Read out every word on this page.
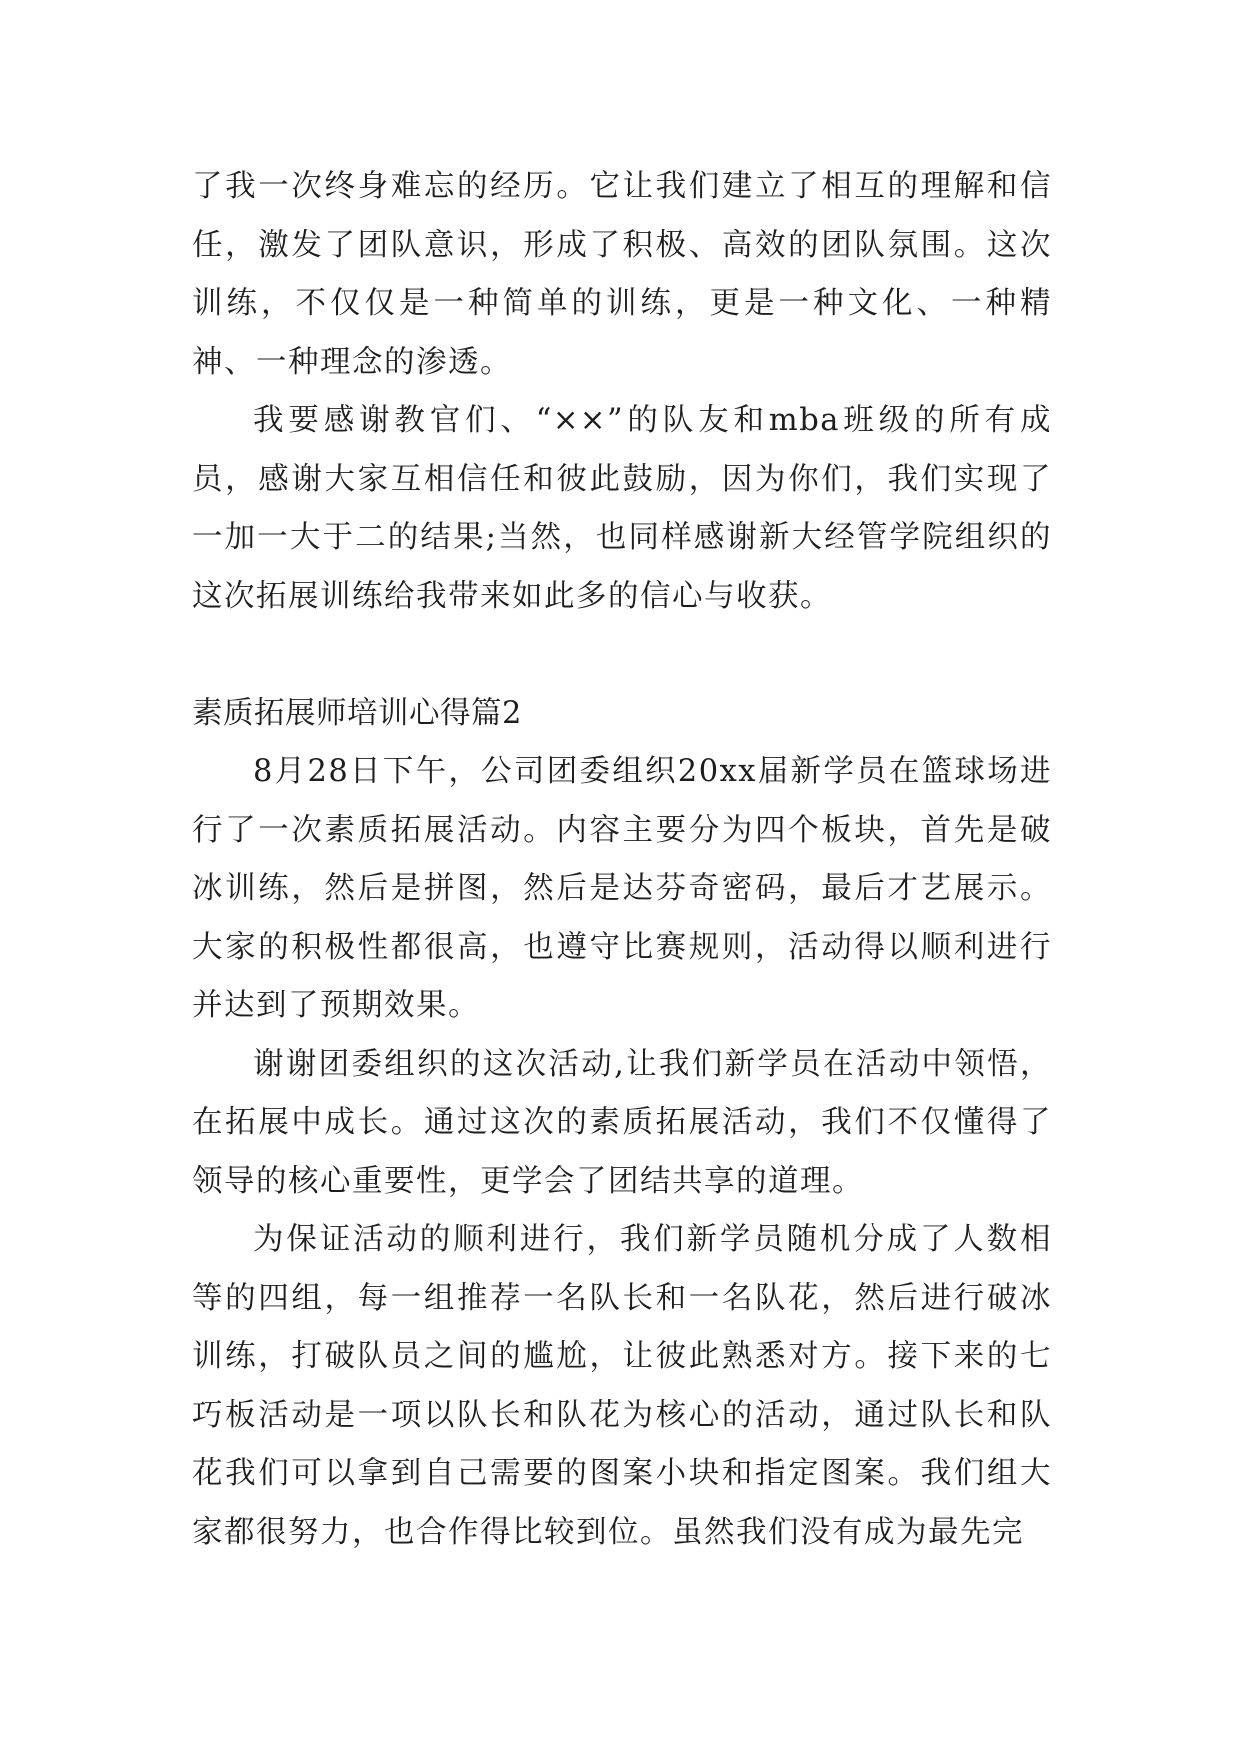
了我一次终身难忘的经历。它让我们建立了相互的理解和信任，激发了团队意识，形成了积极、高效的团队氛围。这次训练，不仅仅是一种简单的训练，更是一种文化、一种精神、一种理念的渗透。

我要感谢教官们、“××”的队友和mba班级的所有成员，感谢大家互相信任和彼此鼓励，因为你们，我们实现了一加一大于二的结果;当然，也同样感谢新大经管学院组织的这次拓展训练给我带来如此多的信心与收获。

素质拓展师培训心得篇2

8月28日下午，公司团委组织20xx届新学员在篮球场进行了一次素质拓展活动。内容主要分为四个板块，首先是破冰训练，然后是拼图，然后是达芬奇密码，最后才艺展示。大家的积极性都很高，也遵守比赛规则，活动得以顺利进行并达到了预期效果。

谢谢团委组织的这次活动,让我们新学员在活动中领悟，在拓展中成长。通过这次的素质拓展活动，我们不仅懂得了领导的核心重要性，更学会了团结共享的道理。

为保证活动的顺利进行，我们新学员随机分成了人数相等的四组，每一组推荐一名队长和一名队花，然后进行破冰训练，打破队员之间的尴尬，让彼此熟悉对方。接下来的七巧板活动是一项以队长和队花为核心的活动，通过队长和队花我们可以拿到自己需要的图案小块和指定图案。我们组大家都很努力，也合作得比较到位。虽然我们没有成为最先完
